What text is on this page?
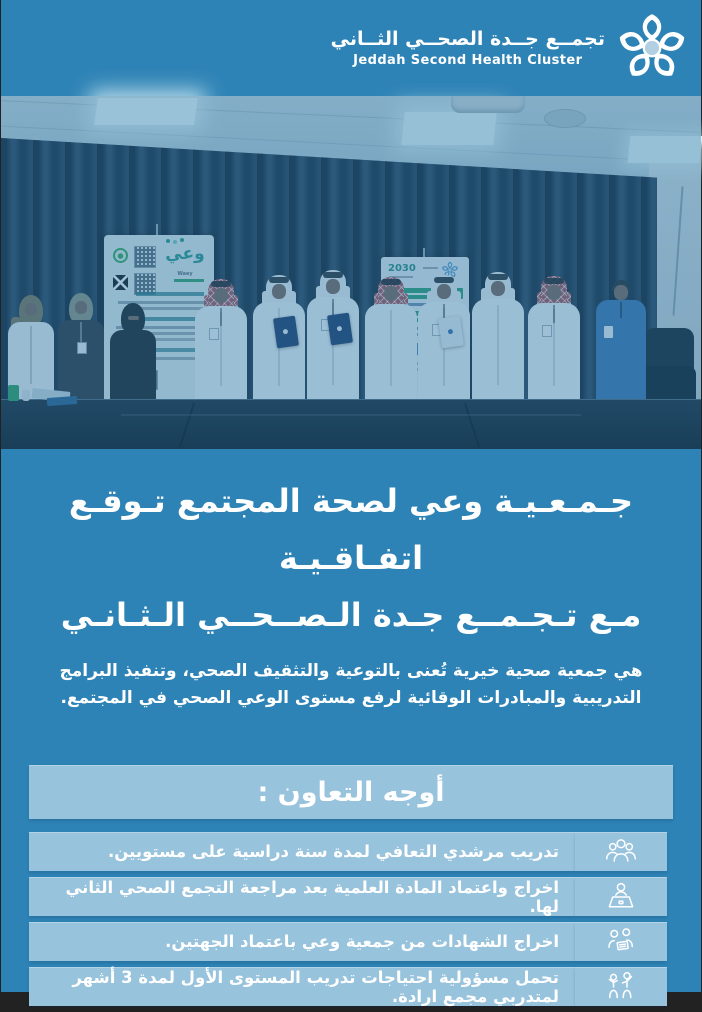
تجمــع جــدة الصحــي الثــاني
Jeddah Second Health Cluster
وعي
Waey	2030
جـمـعـيـة وعي لصحة المجتمع تـوقـع اتفـاقـيـة
مـع تـجـمــع جـدة الـصــحــي الـثـانـي

هي جمعية صحية خيرية تُعنى بالتوعية والتثقيف الصحي، وتنفيذ البرامج التدريبية والمبادرات الوقائية لرفع مستوى الوعي الصحي في المجتمع.

أوجه التعاون :
تدريب مرشدي التعافي لمدة سنة دراسية على مستويين.
اخراج واعتماد المادة العلمية بعد مراجعة التجمع الصحي الثاني لها.
اخراج الشهادات من جمعية وعي باعتماد الجهتين.
تحمل مسؤولية احتياجات تدريب المستوى الأول لمدة 3 أشهر لمتدربي مجمع ارادة.
